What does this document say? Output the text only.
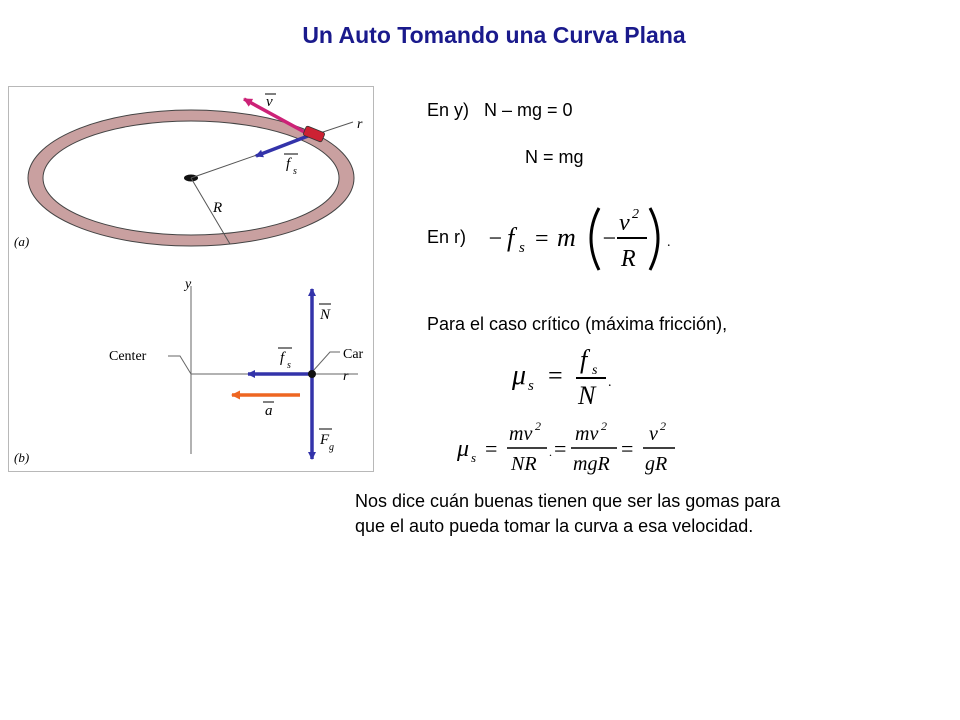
Un Auto Tomando una Curva Plana
v
r
f s
R
(a)
y
Center	Car
r
N
f s
a
F g
(b)
En y)   N – mg = 0
N = mg
En r) − f s = m −
v 2
R
.
Para el caso crítico (máxima fricción),
μ s =
f s
N .
μ s =
mv 2
NR
. =
mv 2
mgR
=
v 2
gR
Nos dice cuán buenas tienen que ser las gomas para
que el auto pueda tomar la curva a esa velocidad.
